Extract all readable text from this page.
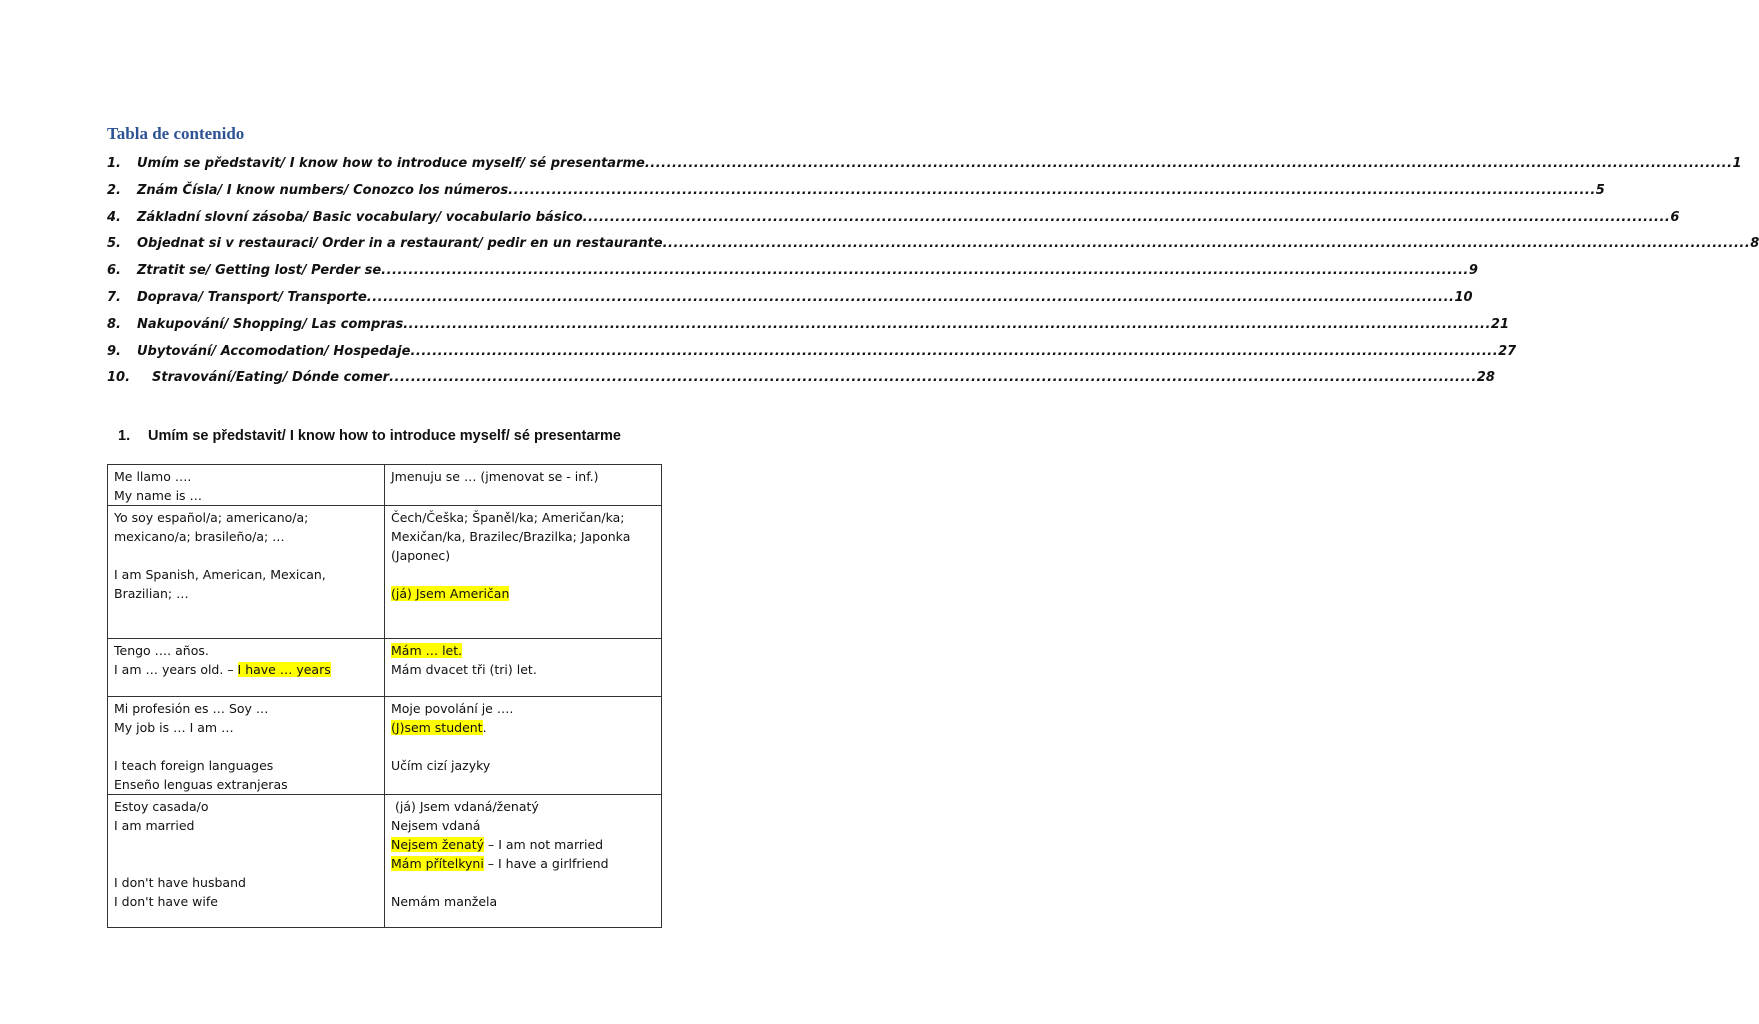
Tabla de contenido
1.	Umím se představit/ I know how to introduce myself/ sé presentarme .....	1
2.	Znám Čísla/ I know numbers/ Conozco los números .....	5
4.	Základní slovní zásoba/ Basic vocabulary/ vocabulario básico .....	6
5.	Objednat si v restauraci/ Order in a restaurant/ pedir en un restaurante .....	8
6.	Ztratit se/ Getting lost/ Perder se .....	9
7.	Doprava/ Transport/ Transporte .....	10
8.	Nakupování/ Shopping/ Las compras .....	21
9.	Ubytování/ Accomodation/ Hospedaje .....	27
10.	Stravování/Eating/ Dónde comer .....	28
1. Umím se představit/ I know how to introduce myself/ sé presentarme
Me llamo ….
My name is …	Jmenuju se … (jmenovat se - inf.)

Yo soy español/a; americano/a;
mexicano/a; brasileño/a; …
I am Spanish, American, Mexican,
Brazilian; …	Čech/Češka; Španěl/ka; Američan/ka;
Mexičan/ka, Brazilec/Brazilka; Japonka
(Japonec)
(já) Jsem Američan

Tengo …. años.
I am … years old. – I have … years	Mám … let.
Mám dvacet tři (tri) let.

Mi profesión es … Soy …
My job is … I am …
I teach foreign languages
Enseño lenguas extranjeras	Moje povolání je ….
(J)sem student.
Učím cizí jazyky

Estoy casada/o
I am married
I don't have husband
I don't have wife	(já) Jsem vdaná/ženatý
Nejsem vdaná
Nejsem ženatý – I am not married
Mám přítelkyni – I have a girlfriend
Nemám manžela
